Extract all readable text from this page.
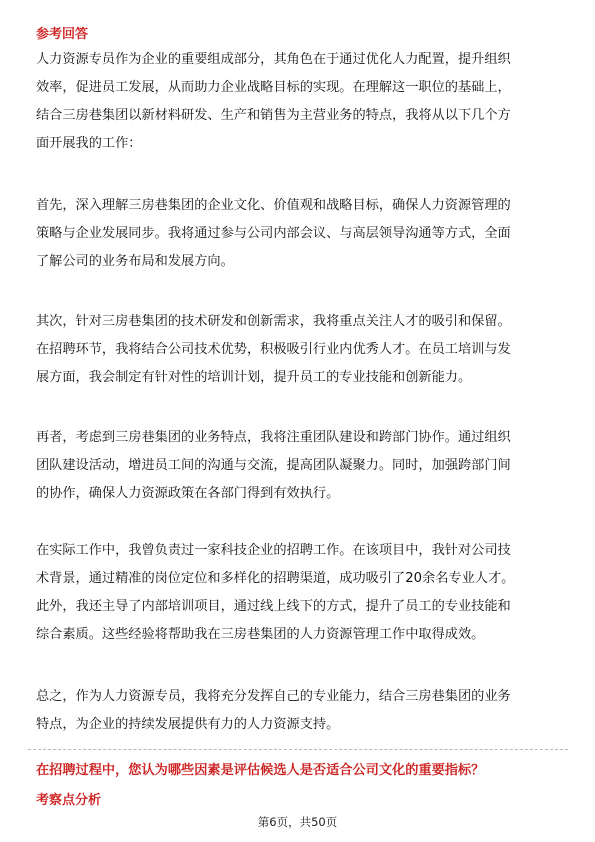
参考回答
人力资源专员作为企业的重要组成部分，其角色在于通过优化人力配置，提升组织
效率，促进员工发展，从而助力企业战略目标的实现。在理解这一职位的基础上，
结合三房巷集团以新材料研发、生产和销售为主营业务的特点，我将从以下几个方
面开展我的工作：
首先，深入理解三房巷集团的企业文化、价值观和战略目标，确保人力资源管理的
策略与企业发展同步。我将通过参与公司内部会议、与高层领导沟通等方式，全面
了解公司的业务布局和发展方向。
其次，针对三房巷集团的技术研发和创新需求，我将重点关注人才的吸引和保留。
在招聘环节，我将结合公司技术优势，积极吸引行业内优秀人才。在员工培训与发
展方面，我会制定有针对性的培训计划，提升员工的专业技能和创新能力。
再者，考虑到三房巷集团的业务特点，我将注重团队建设和跨部门协作。通过组织
团队建设活动，增进员工间的沟通与交流，提高团队凝聚力。同时，加强跨部门间
的协作，确保人力资源政策在各部门得到有效执行。
在实际工作中，我曾负责过一家科技企业的招聘工作。在该项目中，我针对公司技
术背景，通过精准的岗位定位和多样化的招聘渠道，成功吸引了20余名专业人才。
此外，我还主导了内部培训项目，通过线上线下的方式，提升了员工的专业技能和
综合素质。这些经验将帮助我在三房巷集团的人力资源管理工作中取得成效。
总之，作为人力资源专员，我将充分发挥自己的专业能力，结合三房巷集团的业务
特点，为企业的持续发展提供有力的人力资源支持。
在招聘过程中，您认为哪些因素是评估候选人是否适合公司文化的重要指标？
考察点分析
第6页，共50页
